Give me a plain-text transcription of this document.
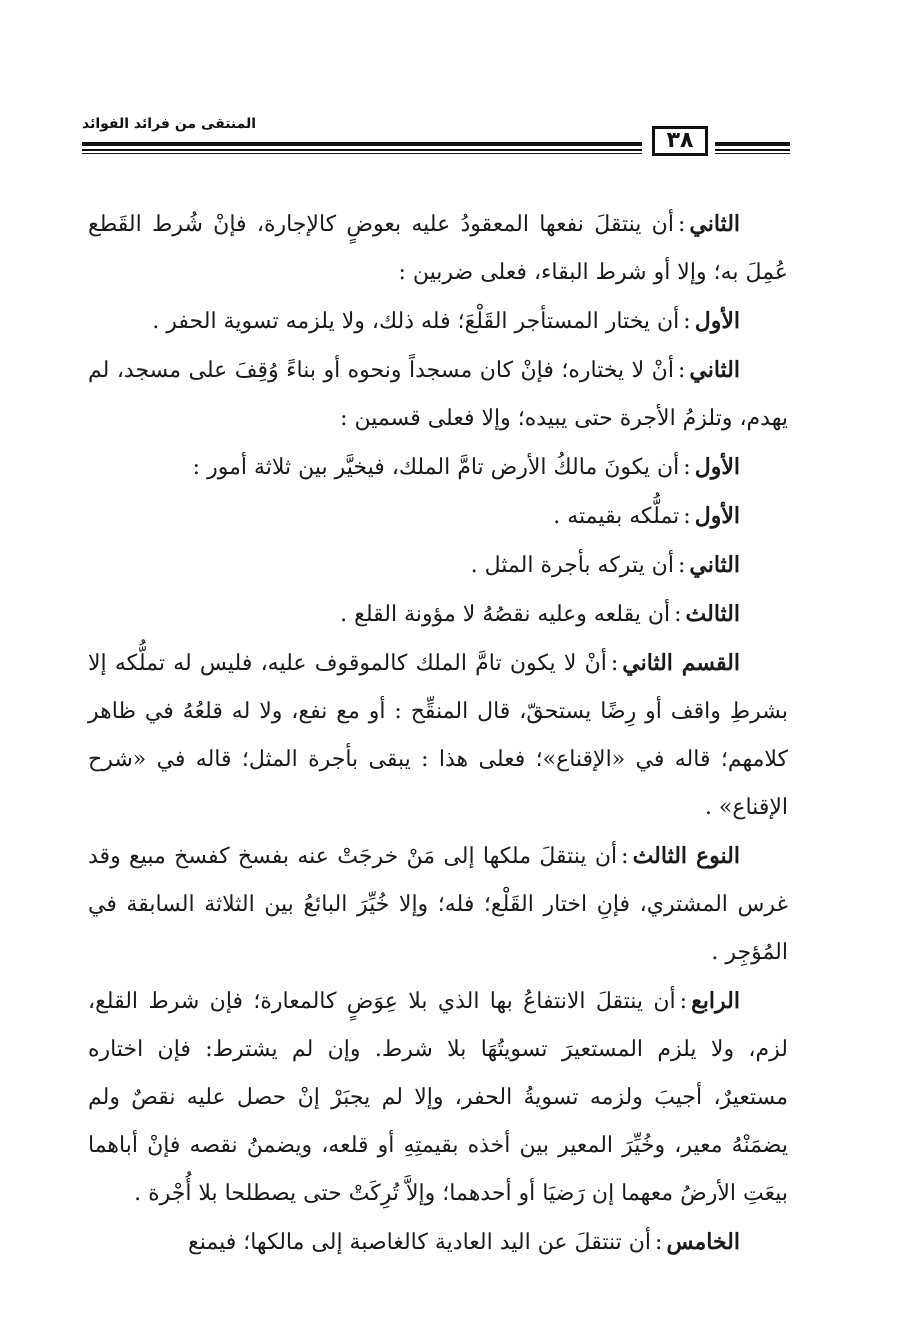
المنتقى من فرائد الفوائد
٣٨

الثاني:أن ينتقلَ نفعها المعقودُ عليه بعوضٍ كالإجارة، فإنْ شُرط القَطع عُمِلَ به؛ وإلا أو شرط البقاء، فعلى ضربين :

الأول:أن يختار المستأجر القَلْعَ؛ فله ذلك، ولا يلزمه تسوية الحفر .

الثاني:أنْ لا يختاره؛ فإنْ كان مسجداً ونحوه أو بناءً وُقِفَ على مسجد، لم يهدم، وتلزمُ الأجرة حتى يبيده؛ وإلا فعلى قسمين :

الأول:أن يكونَ مالكُ الأرض تامَّ الملك، فيخيَّر بين ثلاثة أمور :

الأول:تملُّكه بقيمته .

الثاني:أن يتركه بأجرة المثل .

الثالث:أن يقلعه وعليه نقصُهُ لا مؤونة القلع .

القسم الثاني:أنْ لا يكون تامَّ الملك كالموقوف عليه، فليس له تملُّكه إلا بشرطِ واقف أو رِضًا يستحقّ، قال المنقِّح : أو مع نفع، ولا له قلعُهُ في ظاهر كلامهم؛ قاله في «الإقناع»؛ فعلى هذا : يبقى بأجرة المثل؛ قاله في «شرح الإقناع» .

النوع الثالث:أن ينتقلَ ملكها إلى مَنْ خرجَتْ عنه بفسخ كفسخ مبيع وقد غرس المشتري، فإنِ اختار القَلْع؛ فله؛ وإلا خُيِّرَ البائعُ بين الثلاثة السابقة في المُؤجِر .

الرابع:أن ينتقلَ الانتفاعُ بها الذي بلا عِوَضٍ كالمعارة؛ فإن شرط القلع، لزم، ولا يلزم المستعيرَ تسويتُهَا بلا شرط. وإن لم يشترط: فإن اختاره مستعيرٌ، أجيبَ ولزمه تسويةُ الحفر، وإلا لم يجبَرْ إنْ حصل عليه نقصٌ ولم يضمَنْهُ معير، وخُيِّرَ المعير بين أخذه بقيمتِهِ أو قلعه، ويضمنُ نقصه فإنْ أباهما بيعَتِ الأرضُ معهما إن رَضيَا أو أحدهما؛ وإلاَّ تُرِكَتْ حتى يصطلحا بلا أُجْرة .

الخامس:أن تنتقلَ عن اليد العادية كالغاصبة إلى مالكها؛ فيمنع
